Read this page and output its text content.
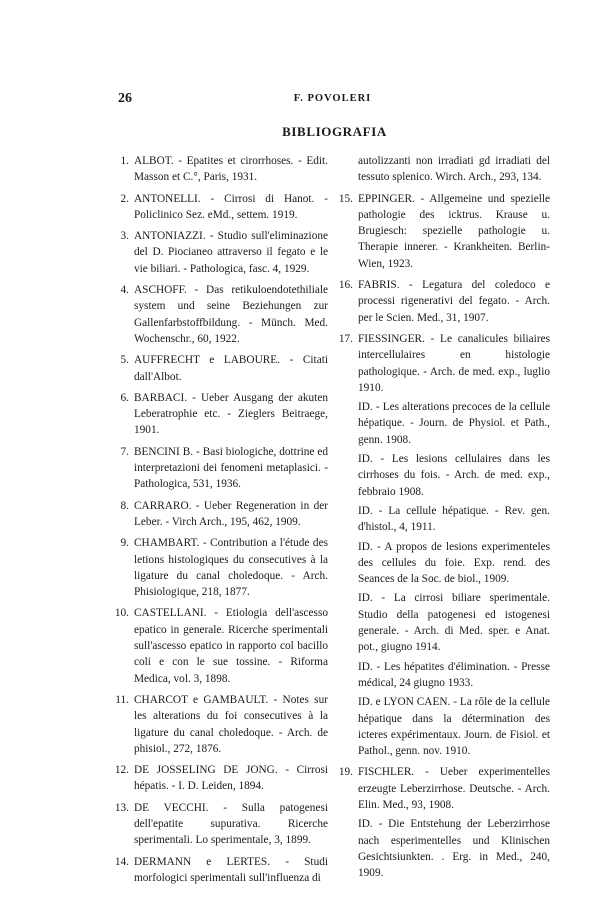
26	F. POVOLERI
BIBLIOGRAFIA
1. ALBOT. - Epatites et cirorrhoses. - Edit. Masson et C.°, Paris, 1931.
2. ANTONELLI. - Cirrosi di Hanot. - Policlinico Sez. eMd., settem. 1919.
3. ANTONIAZZI. - Studio sull'eliminazione del D. Piocianeo attraverso il fegato e le vie biliari. - Pathologica, fasc. 4, 1929.
4. ASCHOFF. - Das retikuloendotethiliale system und seine Beziehungen zur Gallenfarbstoffbildung. - Münch. Med. Wochenschr., 60, 1922.
5. AUFFRECHT e LABOURE. - Citati dall'Albot.
6. BARBACI. - Ueber Ausgang der akuten Leberatrophie etc. - Zieglers Beitraege, 1901.
7. BENCINI B. - Basi biologiche, dottrine ed interpretazioni dei fenomeni metaplasici. - Pathologica, 531, 1936.
8. CARRARO. - Ueber Regeneration in der Leber. - Virch Arch., 195, 462, 1909.
9. CHAMBART. - Contribution a l'étude des letions histologiques du consecutives à la ligature du canal choledoque. - Arch. Phisiologique, 218, 1877.
10. CASTELLANI. - Etiologia dell'ascesso epatico in generale. Ricerche sperimentali sull'ascesso epatico in rapporto col bacillo coli e con le sue tossine. - Riforma Medica, vol. 3, 1898.
11. CHARCOT e GAMBAULT. - Notes sur les alterations du foi consecutives à la ligature du canal choledoque. - Arch. de phisiol., 272, 1876.
12. DE JOSSELING DE JONG. - Cirrosi hépatis. - I. D. Leiden, 1894.
13. DE VECCHI. - Sulla patogenesi dell'epatite supurativa. Ricerche sperimentali. Lo sperimentale, 3, 1899.
14. DERMANN e LERTES. - Studi morfologici sperimentali sull'influenza di
autolizzanti non irradiati gd irradiati del tessuto splenico. Wirch. Arch., 293, 134.
15. EPPINGER. - Allgemeine und spezielle pathologie des icktrus. Krause u. Brugiesch: spezielle pathologie u. Therapie innerer. - Krankheiten. Berlin-Wien, 1923.
16. FABRIS. - Legatura del coledoco e processi rigenerativi del fegato. - Arch. per le Scien. Med., 31, 1907.
17. FIESSINGER. - Le canalicules biliaires intercellulaires en histologie pathologique. - Arch. de med. exp., luglio 1910.
ID. - Les alterations precoces de la cellule hépatique. - Journ. de Physiol. et Path., genn. 1908.
ID. - Les lesions cellulaires dans les cirrhoses du fois. - Arch. de med. exp., febbraio 1908.
ID. - La cellule hépatique. - Rev. gen. d'histol., 4, 1911.
ID. - A propos de lesions experimenteles des cellules du foie. Exp. rend. des Seances de la Soc. de biol., 1909.
ID. - La cirrosi biliare sperimentale. Studio della patogenesi ed istogenesi generale. - Arch. di Med. sper. e Anat. pot., giugno 1914.
ID. - Les hépatites d'élimination. - Presse médical, 24 giugno 1933.
ID. e LYON CAEN. - La rôle de la cellule hépatique dans la détermination des icteres expérimentaux. Journ. de Fisiol. et Pathol., genn. nov. 1910.
19. FISCHLER. - Ueber experimentelles erzeugte Leberzirrhose. Deutsche. - Arch. Elin. Med., 93, 1908.
ID. - Die Entstehung der Leberzirrhose nach esperimentelles und Klinischen Gesichtsiunkten. . Erg. in Med., 240, 1909.
